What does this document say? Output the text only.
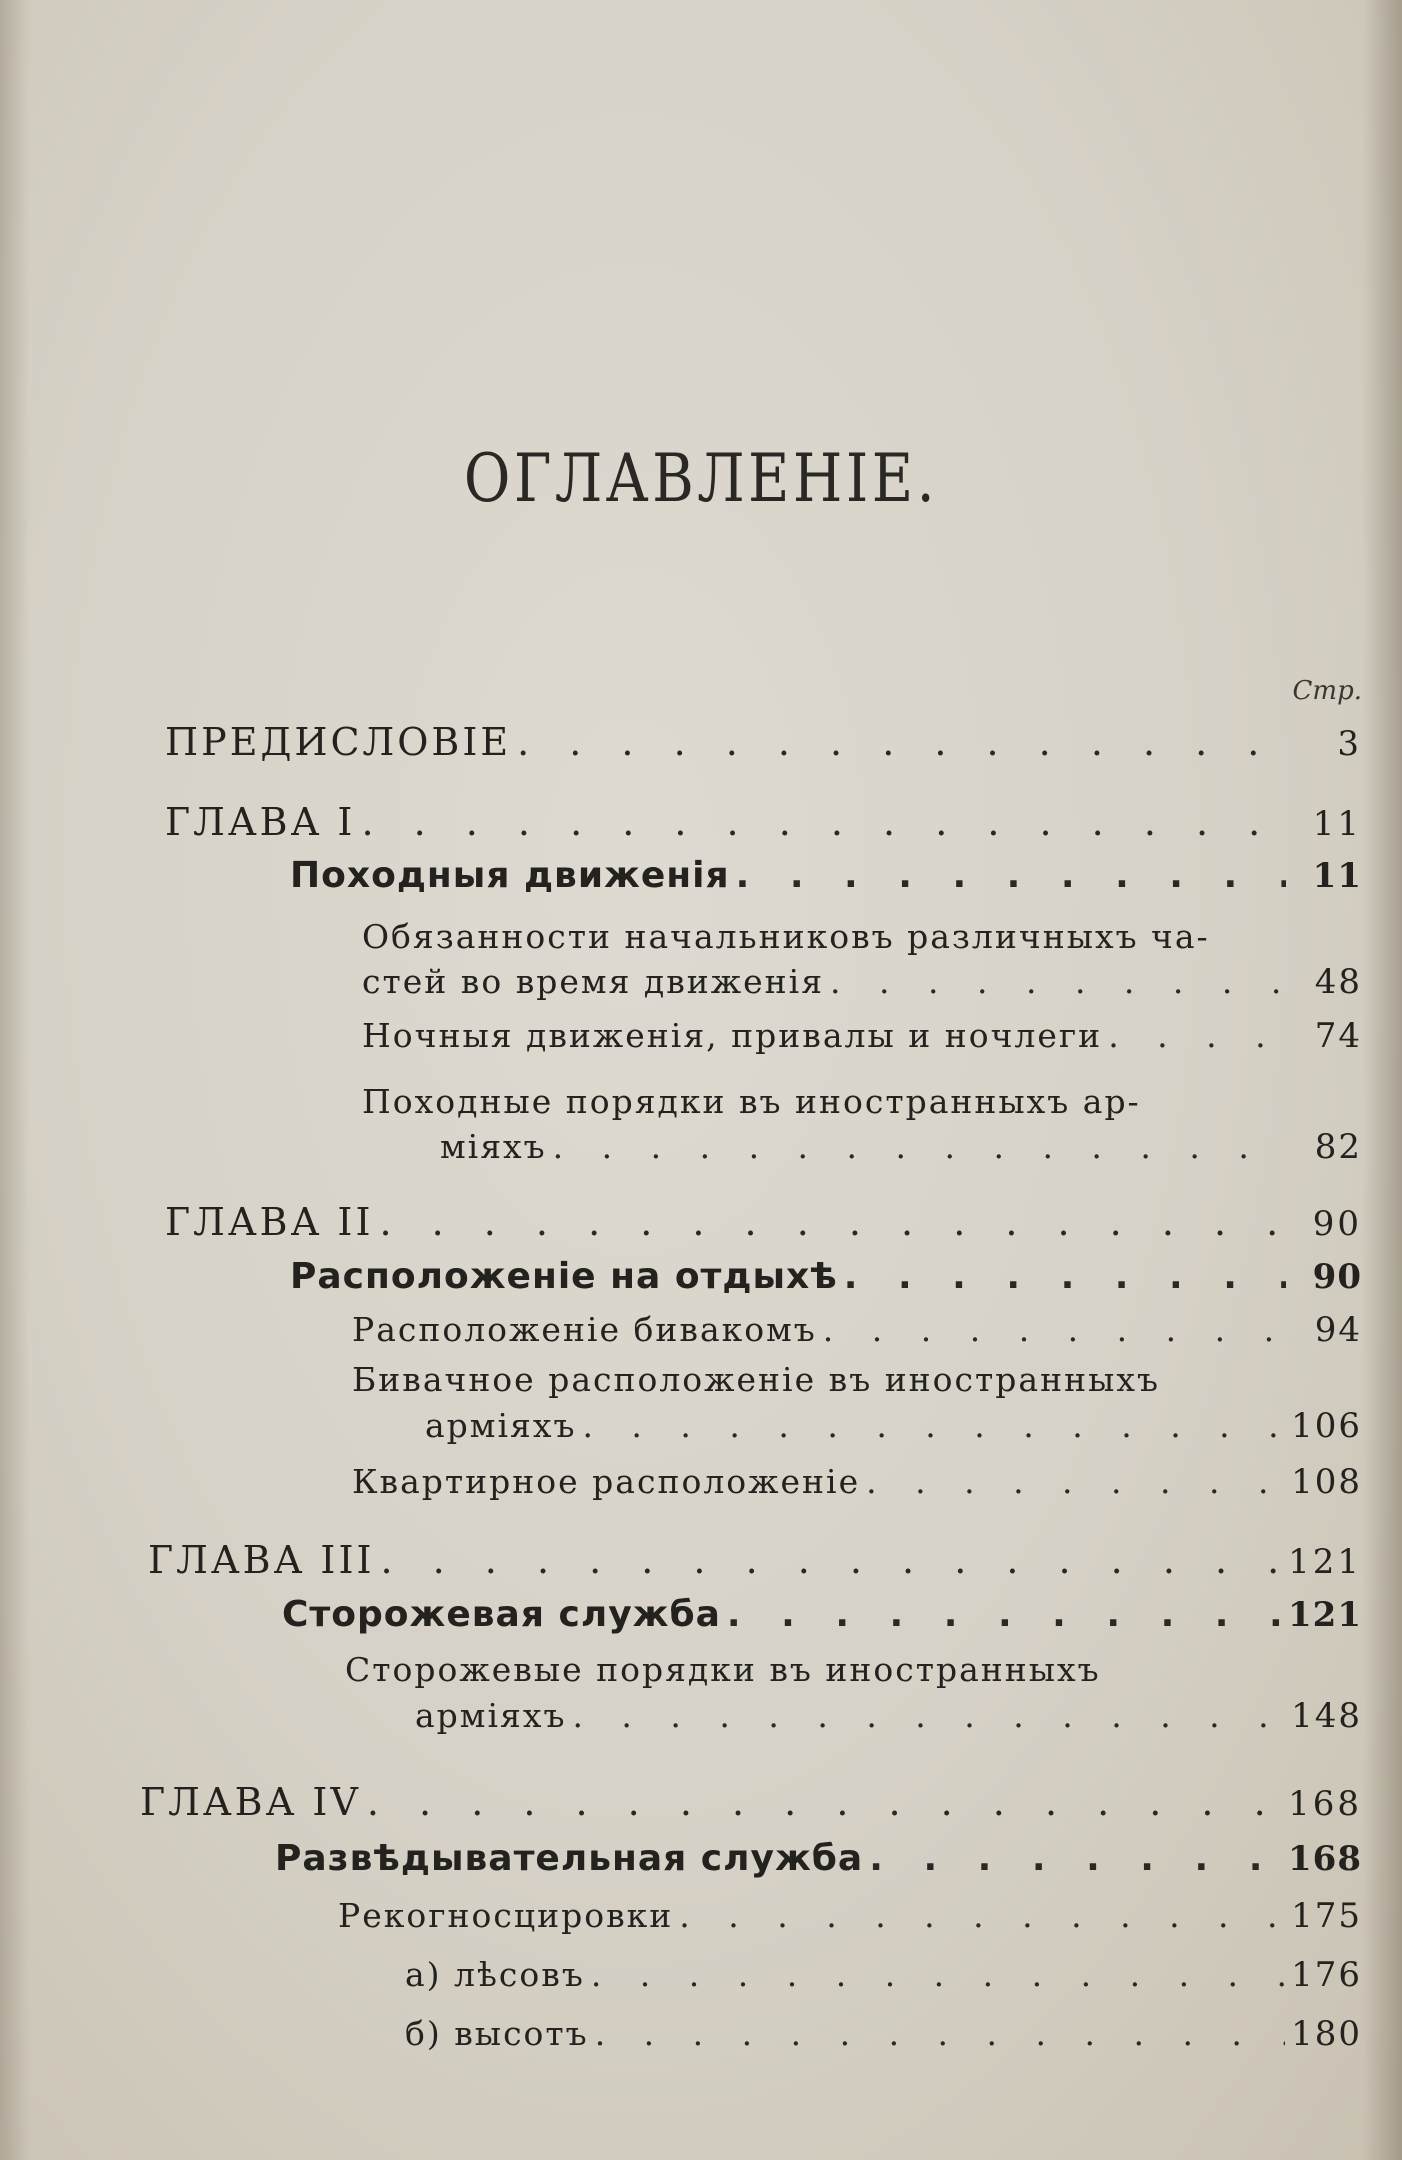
ОГЛАВЛЕНІЕ.
Стр.
ПРЕДИСЛОВІЕ . . .	3
ГЛАВА I . . .	11
Походныя движенія . . .	11
Обязанности начальниковъ различныхъ ча-
стей во время движенія . . .	48
Ночныя движенія, привалы и ночлеги . . .	74
Походные порядки въ иностранныхъ ар-
міяхъ . . .	82
ГЛАВА II . . .	90
Расположеніе на отдыхѣ . . .	90
Расположеніе бивакомъ . . .	94
Бивачное расположеніе въ иностранныхъ
арміяхъ . . .	106
Квартирное расположеніе . . .	108
ГЛАВА III . . .	121
Сторожевая служба . . .	121
Сторожевые порядки въ иностранныхъ
арміяхъ . . .	148
ГЛАВА IV . . .	168
Развѣдывательная служба . . .	168
Рекогносцировки . . .	175
а) лѣсовъ . . .	176
б) высотъ . . .	180
